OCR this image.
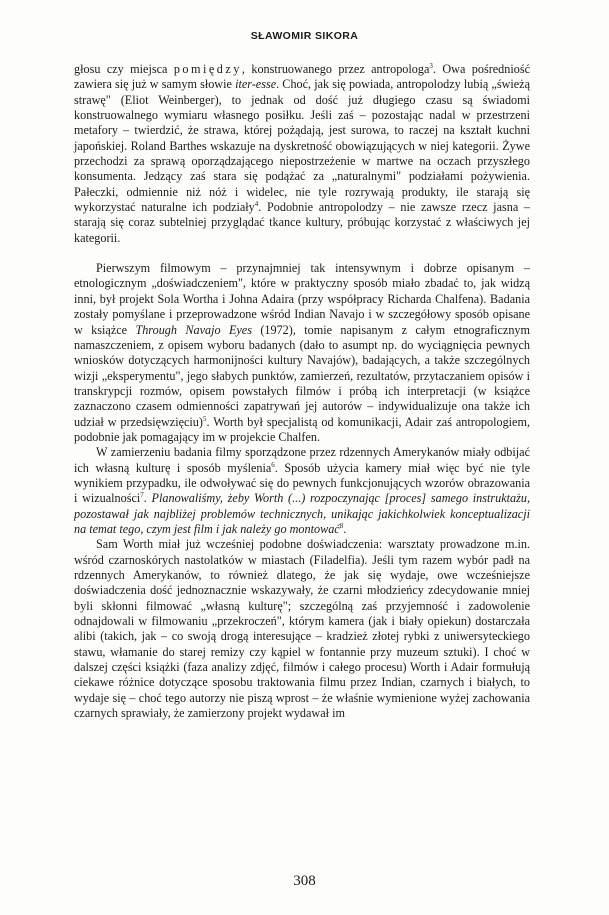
SŁAWOMIR SIKORA

głosu czy miejsca pomiędzy, konstruowanego przez antropologa$^3$. Owa pośredniość zawiera się już w samym słowie iter-esse. Choć, jak się powiada, antropolodzy lubią „świeżą strawę" (Eliot Weinberger), to jednak od dość już długiego czasu są świadomi konstruowalnego wymiaru własnego posiłku. Jeśli zaś – pozostając nadal w przestrzeni metafory – twierdzić, że strawa, której pożądają, jest surowa, to raczej na kształt kuchni japońskiej. Roland Barthes wskazuje na dyskretność obowiązujących w niej kategorii. Żywe przechodzi za sprawą oporządzającego niepostrzeżenie w martwe na oczach przyszłego konsumenta. Jedzący zaś stara się podążać za „naturalnymi" podziałami pożywienia. Pałeczki, odmiennie niż nóż i widelec, nie tyle rozrywają produkty, ile starają się wykorzystać naturalne ich podziały$^4$. Podobnie antropolodzy – nie zawsze rzecz jasna – starają się coraz subtelniej przyglądać tkance kultury, próbując korzystać z właściwych jej kategorii.

Pierwszym filmowym – przynajmniej tak intensywnym i dobrze opisanym – etnologicznym „doświadczeniem", które w praktyczny sposób miało zbadać to, jak widzą inni, był projekt Sola Wortha i Johna Adaira (przy współpracy Richarda Chalfena). Badania zostały pomyślane i przeprowadzone wśród Indian Navajo i w szczegółowy sposób opisane w książce Through Navajo Eyes (1972), tomie napisanym z całym etnograficznym namaszczeniem, z opisem wyboru badanych (dało to asumpt np. do wyciągnięcia pewnych wniosków dotyczących harmonijności kultury Navajów), badających, a także szczególnych wizji „eksperymentu", jego słabych punktów, zamierzeń, rezultatów, przytaczaniem opisów i transkrypcji rozmów, opisem powstałych filmów i próbą ich interpretacji (w książce zaznaczono czasem odmienności zapatrywań jej autorów – indywidualizuje ona także ich udział w przedsięwzięciu)$^5$. Worth był specjalistą od komunikacji, Adair zaś antropologiem, podobnie jak pomagający im w projekcie Chalfen.

W zamierzeniu badania filmy sporządzone przez rdzennych Amerykanów miały odbijać ich własną kulturę i sposób myślenia$^6$. Sposób użycia kamery miał więc być nie tyle wynikiem przypadku, ile odwoływać się do pewnych funkcjonujących wzorów obrazowania i wizualności$^7$. Planowaliśmy, żeby Worth (...) rozpoczynając [proces] samego instruktażu, pozostawał jak najbliżej problemów technicznych, unikając jakichkolwiek konceptualizacji na temat tego, czym jest film i jak należy go montować$^8$.

Sam Worth miał już wcześniej podobne doświadczenia: warsztaty prowadzone m.in. wśród czarnoskórych nastolatków w miastach (Filadelfia). Jeśli tym razem wybór padł na rdzennych Amerykanów, to również dlatego, że jak się wydaje, owe wcześniejsze doświadczenia dość jednoznacznie wskazywały, że czarni młodzieńcy zdecydowanie mniej byli skłonni filmować „własną kulturę"; szczególną zaś przyjemność i zadowolenie odnajdowali w filmowaniu „przekroczeń", którym kamera (jak i biały opiekun) dostarczała alibi (takich, jak – co swoją drogą interesujące – kradzież złotej rybki z uniwersyteckiego stawu, włamanie do starej remizy czy kąpiel w fontannie przy muzeum sztuki). I choć w dalszej części książki (faza analizy zdjęć, filmów i całego procesu) Worth i Adair formułują ciekawe różnice dotyczące sposobu traktowania filmu przez Indian, czarnych i białych, to wydaje się – choć tego autorzy nie piszą wprost – że właśnie wymienione wyżej zachowania czarnych sprawiały, że zamierzony projekt wydawał im

308
